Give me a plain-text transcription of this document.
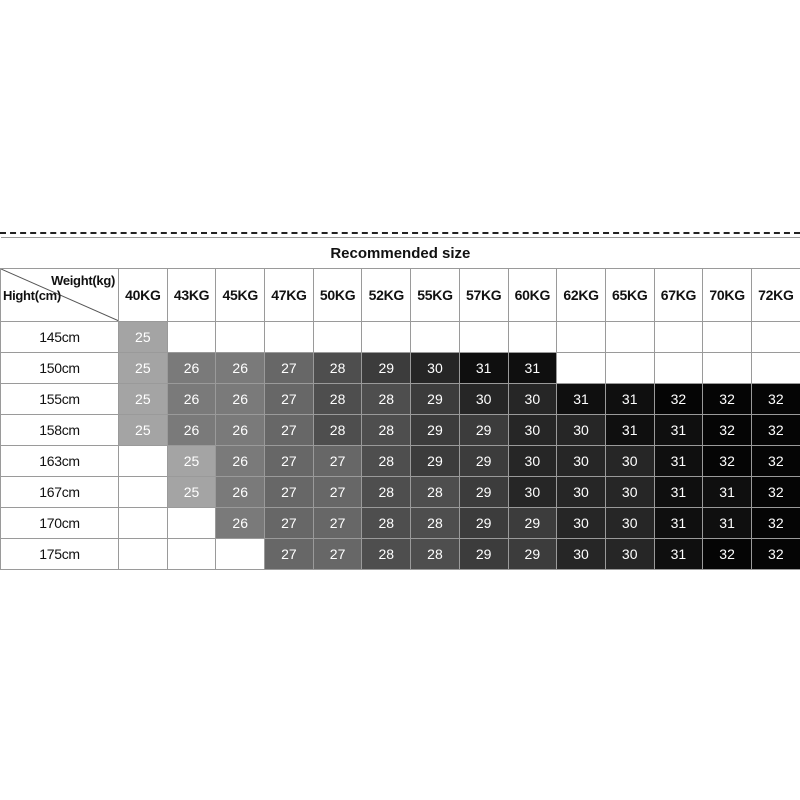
Recommended size														

Weight(kg)
Hight(cm)	40KG	43KG	45KG	47KG	50KG	52KG	55KG	57KG	60KG	62KG	65KG	67KG	70KG	72KG
145cm	25													
150cm	25	26	26	27	28	29	30	31	31					
155cm	25	26	26	27	28	28	29	30	30	31	31	32	32	32
158cm	25	26	26	27	28	28	29	29	30	30	31	31	32	32
163cm		25	26	27	27	28	29	29	30	30	30	31	32	32
167cm		25	26	27	27	28	28	29	30	30	30	31	31	32
170cm			26	27	27	28	28	29	29	30	30	31	31	32
175cm				27	27	28	28	29	29	30	30	31	32	32
